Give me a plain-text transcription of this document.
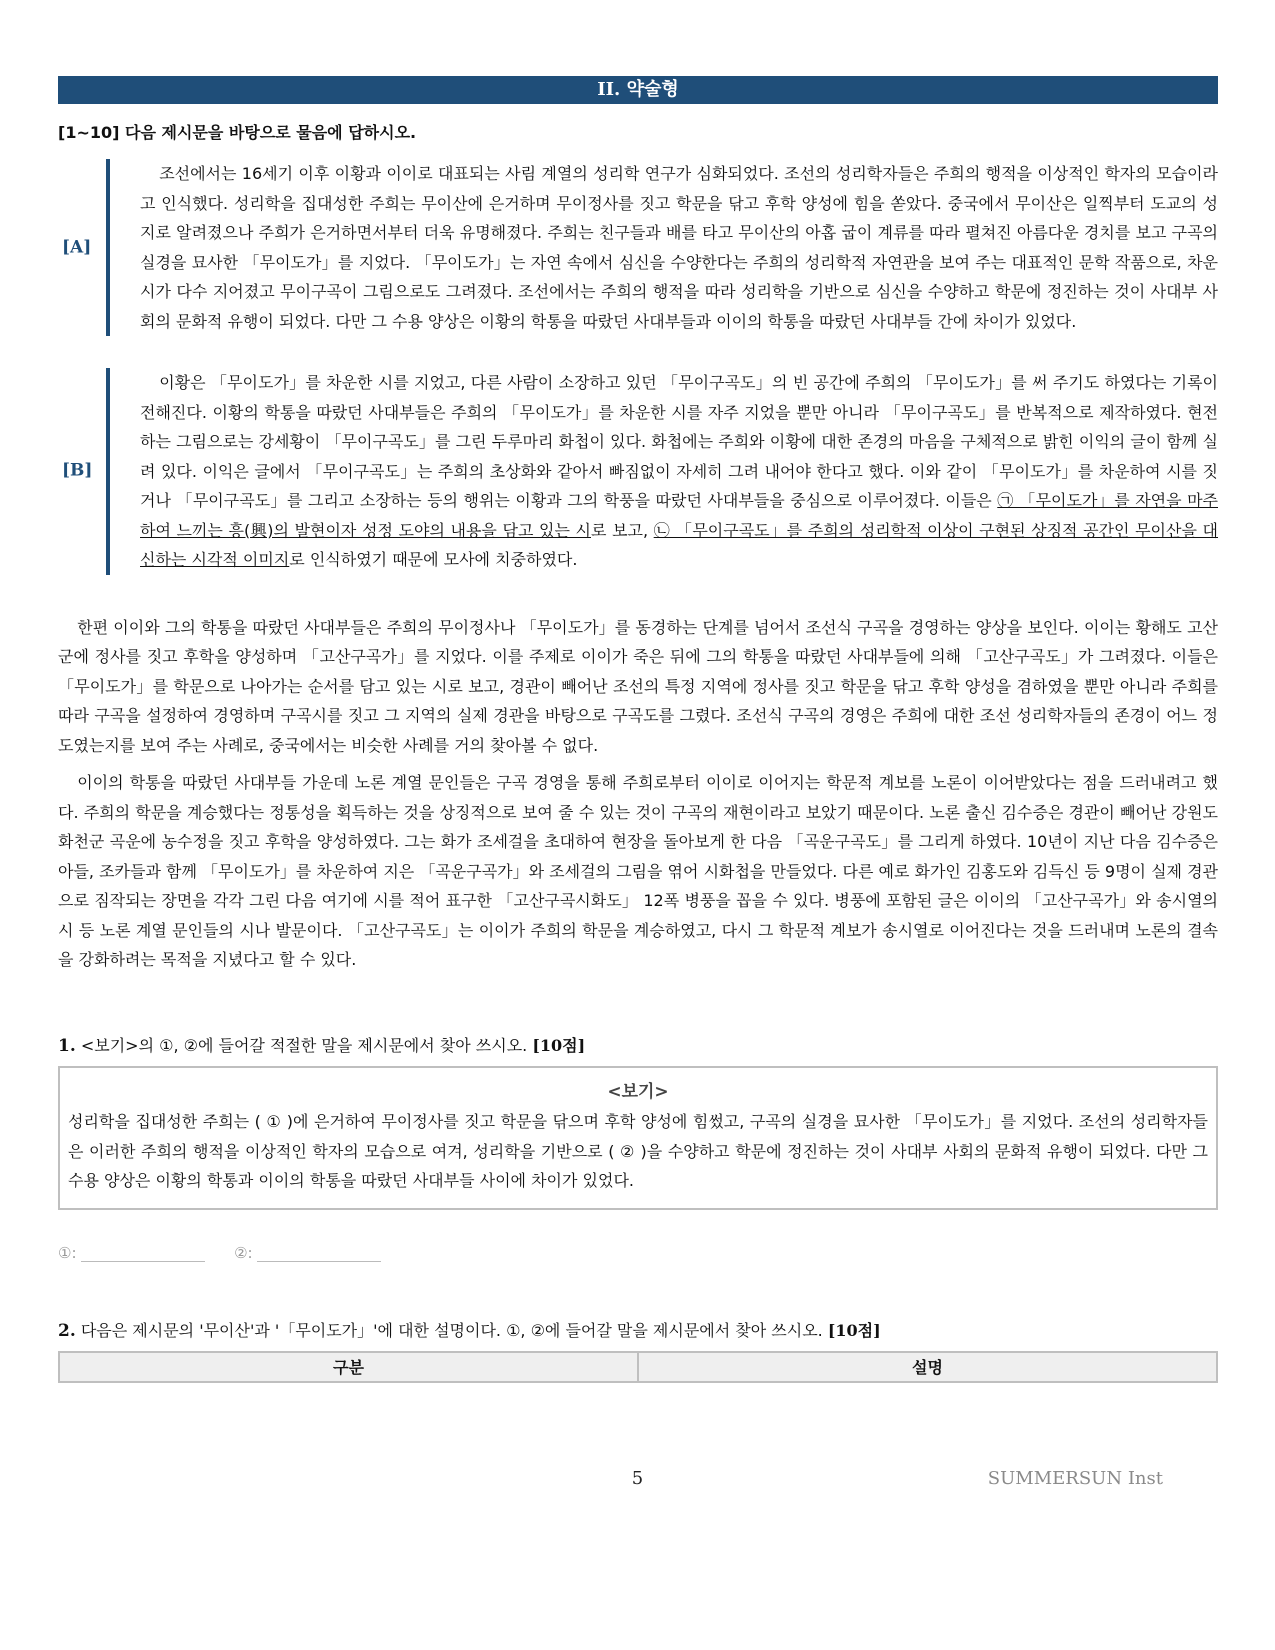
II. 약술형
[1~10] 다음 제시문을 바탕으로 물음에 답하시오.
[A]

조선에서는 16세기 이후 이황과 이이로 대표되는 사림 계열의 성리학 연구가 심화되었다. 조선의 성리학자들은 주희의 행적을 이상적인 학자의 모습이라고 인식했다. 성리학을 집대성한 주희는 무이산에 은거하며 무이정사를 짓고 학문을 닦고 후학 양성에 힘을 쏟았다. 중국에서 무이산은 일찍부터 도교의 성지로 알려졌으나 주희가 은거하면서부터 더욱 유명해졌다. 주희는 친구들과 배를 타고 무이산의 아홉 굽이 계류를 따라 펼쳐진 아름다운 경치를 보고 구곡의 실경을 묘사한 「무이도가」를 지었다. 「무이도가」는 자연 속에서 심신을 수양한다는 주희의 성리학적 자연관을 보여 주는 대표적인 문학 작품으로, 차운시가 다수 지어졌고 무이구곡이 그림으로도 그려졌다. 조선에서는 주희의 행적을 따라 성리학을 기반으로 심신을 수양하고 학문에 정진하는 것이 사대부 사회의 문화적 유행이 되었다. 다만 그 수용 양상은 이황의 학통을 따랐던 사대부들과 이이의 학통을 따랐던 사대부들 간에 차이가 있었다.

[B]

이황은 「무이도가」를 차운한 시를 지었고, 다른 사람이 소장하고 있던 「무이구곡도」의 빈 공간에 주희의 「무이도가」를 써 주기도 하였다는 기록이 전해진다. 이황의 학통을 따랐던 사대부들은 주희의 「무이도가」를 차운한 시를 자주 지었을 뿐만 아니라 「무이구곡도」를 반복적으로 제작하였다. 현전하는 그림으로는 강세황이 「무이구곡도」를 그린 두루마리 화첩이 있다. 화첩에는 주희와 이황에 대한 존경의 마음을 구체적으로 밝힌 이익의 글이 함께 실려 있다. 이익은 글에서 「무이구곡도」는 주희의 초상화와 같아서 빠짐없이 자세히 그려 내어야 한다고 했다. 이와 같이 「무이도가」를 차운하여 시를 짓거나 「무이구곡도」를 그리고 소장하는 등의 행위는 이황과 그의 학풍을 따랐던 사대부들을 중심으로 이루어졌다. 이들은 ㉠ 「무이도가」를 자연을 마주하여 느끼는 흥(興)의 발현이자 성정 도야의 내용을 담고 있는 시로 보고, ㉡ 「무이구곡도」를 주희의 성리학적 이상이 구현된 상징적 공간인 무이산을 대신하는 시각적 이미지로 인식하였기 때문에 모사에 치중하였다.

한편 이이와 그의 학통을 따랐던 사대부들은 주희의 무이정사나 「무이도가」를 동경하는 단계를 넘어서 조선식 구곡을 경영하는 양상을 보인다. 이이는 황해도 고산군에 정사를 짓고 후학을 양성하며 「고산구곡가」를 지었다. 이를 주제로 이이가 죽은 뒤에 그의 학통을 따랐던 사대부들에 의해 「고산구곡도」가 그려졌다. 이들은 「무이도가」를 학문으로 나아가는 순서를 담고 있는 시로 보고, 경관이 빼어난 조선의 특정 지역에 정사를 짓고 학문을 닦고 후학 양성을 겸하였을 뿐만 아니라 주희를 따라 구곡을 설정하여 경영하며 구곡시를 짓고 그 지역의 실제 경관을 바탕으로 구곡도를 그렸다. 조선식 구곡의 경영은 주희에 대한 조선 성리학자들의 존경이 어느 정도였는지를 보여 주는 사례로, 중국에서는 비슷한 사례를 거의 찾아볼 수 없다.

이이의 학통을 따랐던 사대부들 가운데 노론 계열 문인들은 구곡 경영을 통해 주희로부터 이이로 이어지는 학문적 계보를 노론이 이어받았다는 점을 드러내려고 했다. 주희의 학문을 계승했다는 정통성을 획득하는 것을 상징적으로 보여 줄 수 있는 것이 구곡의 재현이라고 보았기 때문이다. 노론 출신 김수증은 경관이 빼어난 강원도 화천군 곡운에 농수정을 짓고 후학을 양성하였다. 그는 화가 조세걸을 초대하여 현장을 돌아보게 한 다음 「곡운구곡도」를 그리게 하였다. 10년이 지난 다음 김수증은 아들, 조카들과 함께 「무이도가」를 차운하여 지은 「곡운구곡가」와 조세걸의 그림을 엮어 시화첩을 만들었다. 다른 예로 화가인 김홍도와 김득신 등 9명이 실제 경관으로 짐작되는 장면을 각각 그린 다음 여기에 시를 적어 표구한 「고산구곡시화도」 12폭 병풍을 꼽을 수 있다. 병풍에 포함된 글은 이이의 「고산구곡가」와 송시열의 시 등 노론 계열 문인들의 시나 발문이다. 「고산구곡도」는 이이가 주희의 학문을 계승하였고, 다시 그 학문적 계보가 송시열로 이어진다는 것을 드러내며 노론의 결속을 강화하려는 목적을 지녔다고 할 수 있다.

1. <보기>의 ①, ②에 들어갈 적절한 말을 제시문에서 찾아 쓰시오. [10점]
<보기>

성리학을 집대성한 주희는 ( ① )에 은거하여 무이정사를 짓고 학문을 닦으며 후학 양성에 힘썼고, 구곡의 실경을 묘사한 「무이도가」를 지었다. 조선의 성리학자들은 이러한 주희의 행적을 이상적인 학자의 모습으로 여겨, 성리학을 기반으로 ( ② )을 수양하고 학문에 정진하는 것이 사대부 사회의 문화적 유행이 되었다. 다만 그 수용 양상은 이황의 학통과 이이의 학통을 따랐던 사대부들 사이에 차이가 있었다.

①:	②:
2. 다음은 제시문의 '무이산'과 '「무이도가」'에 대한 설명이다. ①, ②에 들어갈 말을 제시문에서 찾아 쓰시오. [10점]
구분	설명
5	SUMMERSUN Inst
